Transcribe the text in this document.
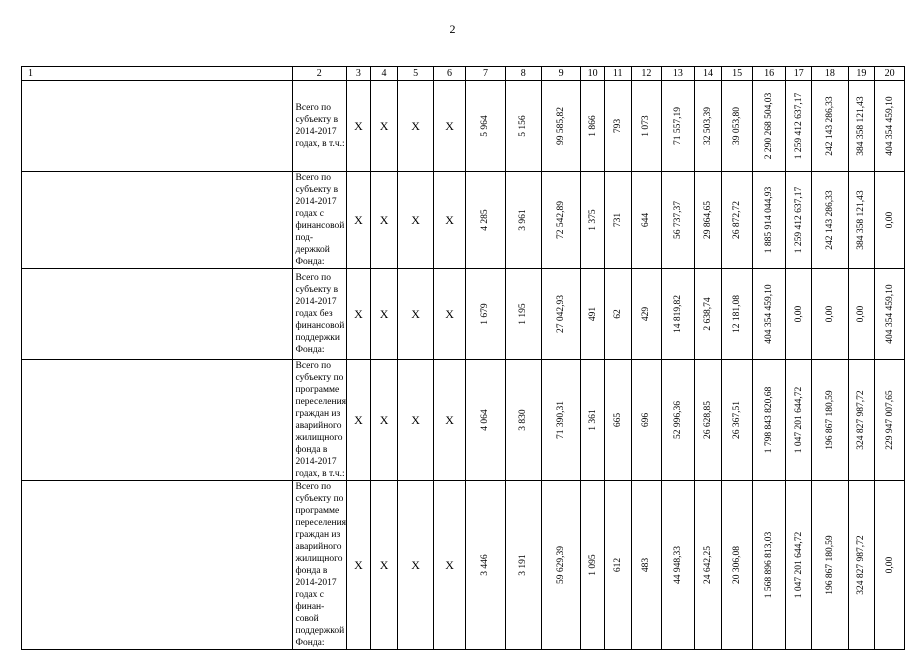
2
1	2	3	4	5	6	7	8	9	10	11	12	13	14	15	16	17	18	19	20
	Всего по субъекту в 2014-2017 годах, в т.ч.:	X	X	X	X	5 964	5 156	99 585,82	1 866	793	1 073	71 557,19	32 503,39	39 053,80	2 290 268 504,03	1 259 412 637,17	242 143 286,33	384 358 121,43	404 354 459,10

	Всего по субъекту в 2014-2017 годах с финансовой под-держкой Фонда:	X	X	X	X	4 285	3 961	72 542,89	1 375	731	644	56 737,37	29 864,65	26 872,72	1 885 914 044,93	1 259 412 637,17	242 143 286,33	384 358 121,43	0,00

	Всего по субъекту в 2014-2017 годах без финансовой поддержки Фонда:	X	X	X	X	1 679	1 195	27 042,93	491	62	429	14 819,82	2 638,74	12 181,08	404 354 459,10	0,00	0,00	0,00	404 354 459,10

	Всего по субъекту по программе переселения граждан из аварийного жилищного фонда в 2014-2017 годах, в т.ч.:	X	X	X	X	4 064	3 830	71 390,31	1 361	665	696	52 996,36	26 628,85	26 367,51	1 798 843 820,68	1 047 201 644,72	196 867 180,59	324 827 987,72	229 947 007,65

	Всего по субъекту по программе переселения граждан из аварийного жилищного фонда в 2014-2017 годах с финан-совой поддержкой Фонда:	X	X	X	X	3 446	3 191	59 629,39	1 095	612	483	44 948,33	24 642,25	20 306,08	1 568 896 813,03	1 047 201 644,72	196 867 180,59	324 827 987,72	0,00
